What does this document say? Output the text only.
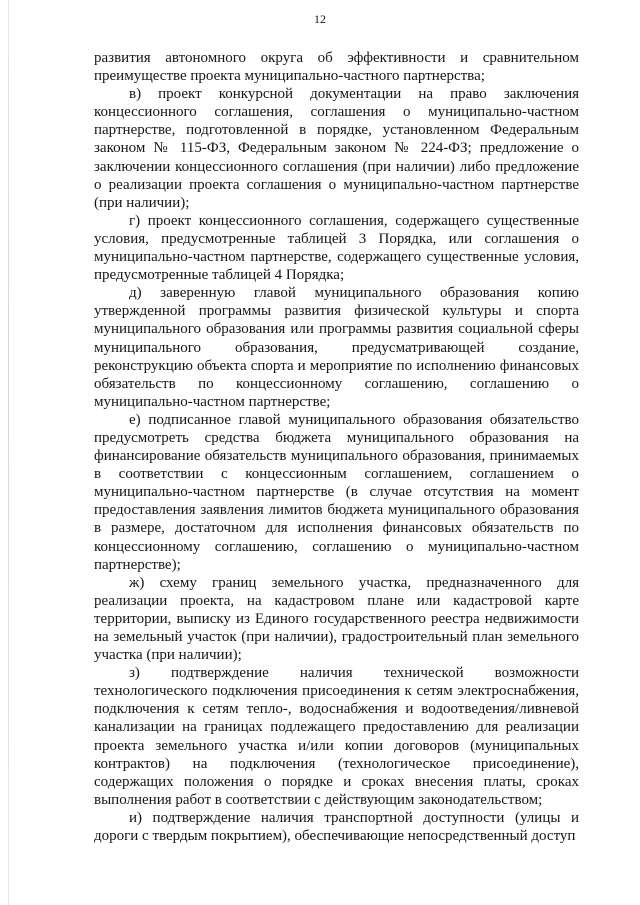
12

развития автономного округа об эффективности и сравнительном преимуществе проекта муниципально-частного партнерства;

в) проект конкурсной документации на право заключения концессионного соглашения, соглашения о муниципально-частном партнерстве, подготовленной в порядке, установленном Федеральным законом № 115-ФЗ, Федеральным законом № 224-ФЗ; предложение о заключении концессионного соглашения (при наличии) либо предложение о реализации проекта соглашения о муниципально-частном партнерстве (при наличии);

г) проект концессионного соглашения, содержащего существенные условия, предусмотренные таблицей 3 Порядка, или соглашения о муниципально-частном партнерстве, содержащего существенные условия, предусмотренные таблицей 4 Порядка;

д) заверенную главой муниципального образования копию утвержденной программы развития физической культуры и спорта муниципального образования или программы развития социальной сферы муниципального образования, предусматривающей создание, реконструкцию объекта спорта и мероприятие по исполнению финансовых обязательств по концессионному соглашению, соглашению о муниципально-частном партнерстве;

е) подписанное главой муниципального образования обязательство предусмотреть средства бюджета муниципального образования на финансирование обязательств муниципального образования, принимаемых в соответствии с концессионным соглашением, соглашением о муниципально-частном партнерстве (в случае отсутствия на момент предоставления заявления лимитов бюджета муниципального образования в размере, достаточном для исполнения финансовых обязательств по концессионному соглашению, соглашению о муниципально-частном партнерстве);

ж) схему границ земельного участка, предназначенного для реализации проекта, на кадастровом плане или кадастровой карте территории, выписку из Единого государственного реестра недвижимости на земельный участок (при наличии), градостроительный план земельного участка (при наличии);

з) подтверждение наличия технической возможности технологического подключения присоединения к сетям электроснабжения, подключения к сетям тепло-, водоснабжения и водоотведения/ливневой канализации на границах подлежащего предоставлению для реализации проекта земельного участка и/или копии договоров (муниципальных контрактов) на подключения (технологическое присоединение), содержащих положения о порядке и сроках внесения платы, сроках выполнения работ в соответствии с действующим законодательством;

и) подтверждение наличия транспортной доступности (улицы и дороги с твердым покрытием), обеспечивающие непосредственный доступ
